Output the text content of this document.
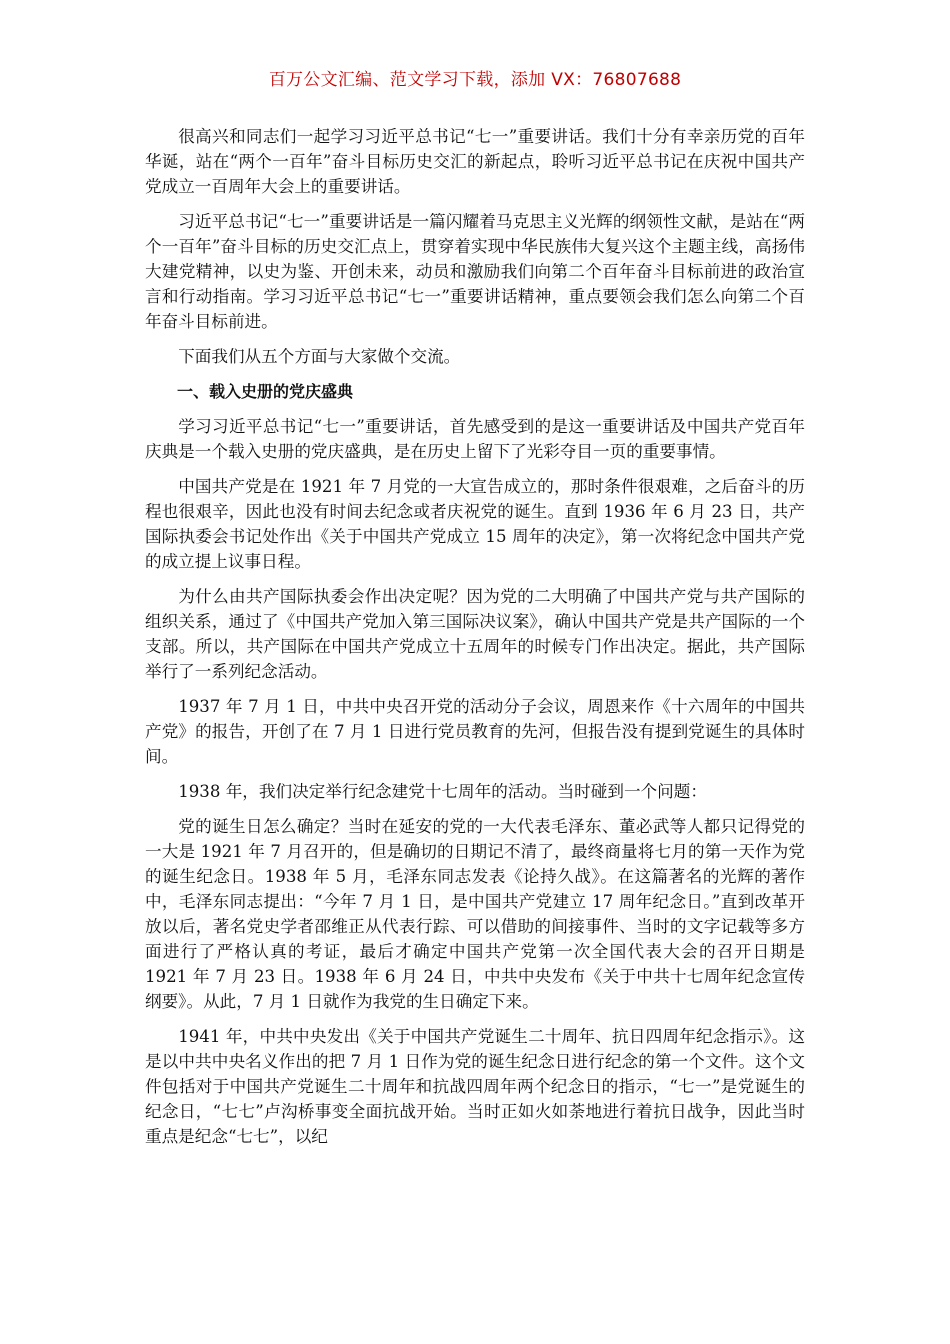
百万公文汇编、范文学习下载，添加 VX：76807688

很高兴和同志们一起学习习近平总书记“七一”重要讲话。我们十分有幸亲历党的百年华诞，站在“两个一百年”奋斗目标历史交汇的新起点，聆听习近平总书记在庆祝中国共产党成立一百周年大会上的重要讲话。

习近平总书记“七一”重要讲话是一篇闪耀着马克思主义光辉的纲领性文献，是站在“两个一百年”奋斗目标的历史交汇点上，贯穿着实现中华民族伟大复兴这个主题主线，高扬伟大建党精神，以史为鉴、开创未来，动员和激励我们向第二个百年奋斗目标前进的政治宣言和行动指南。学习习近平总书记“七一”重要讲话精神，重点要领会我们怎么向第二个百年奋斗目标前进。

下面我们从五个方面与大家做个交流。

一、载入史册的党庆盛典

学习习近平总书记“七一”重要讲话，首先感受到的是这一重要讲话及中国共产党百年庆典是一个载入史册的党庆盛典，是在历史上留下了光彩夺目一页的重要事情。

中国共产党是在 1921 年 7 月党的一大宣告成立的，那时条件很艰难，之后奋斗的历程也很艰辛，因此也没有时间去纪念或者庆祝党的诞生。直到 1936 年 6 月 23 日，共产国际执委会书记处作出《关于中国共产党成立 15 周年的决定》，第一次将纪念中国共产党的成立提上议事日程。

为什么由共产国际执委会作出决定呢？因为党的二大明确了中国共产党与共产国际的组织关系，通过了《中国共产党加入第三国际决议案》，确认中国共产党是共产国际的一个支部。所以，共产国际在中国共产党成立十五周年的时候专门作出决定。据此，共产国际举行了一系列纪念活动。

1937 年 7 月 1 日，中共中央召开党的活动分子会议，周恩来作《十六周年的中国共产党》的报告，开创了在 7 月 1 日进行党员教育的先河，但报告没有提到党诞生的具体时间。

1938 年，我们决定举行纪念建党十七周年的活动。当时碰到一个问题：

党的诞生日怎么确定？当时在延安的党的一大代表毛泽东、董必武等人都只记得党的一大是 1921 年 7 月召开的，但是确切的日期记不清了，最终商量将七月的第一天作为党的诞生纪念日。1938 年 5 月，毛泽东同志发表《论持久战》。在这篇著名的光辉的著作中，毛泽东同志提出：“今年 7 月 1 日，是中国共产党建立 17 周年纪念日。”直到改革开放以后，著名党史学者邵维正从代表行踪、可以借助的间接事件、当时的文字记载等多方面进行了严格认真的考证，最后才确定中国共产党第一次全国代表大会的召开日期是 1921 年 7 月 23 日。1938 年 6 月 24 日，中共中央发布《关于中共十七周年纪念宣传纲要》。从此，7 月 1 日就作为我党的生日确定下来。

1941 年，中共中央发出《关于中国共产党诞生二十周年、抗日四周年纪念指示》。这是以中共中央名义作出的把 7 月 1 日作为党的诞生纪念日进行纪念的第一个文件。这个文件包括对于中国共产党诞生二十周年和抗战四周年两个纪念日的指示，“七一”是党诞生的纪念日，“七七”卢沟桥事变全面抗战开始。当时正如火如荼地进行着抗日战争，因此当时重点是纪念“七七”，以纪
